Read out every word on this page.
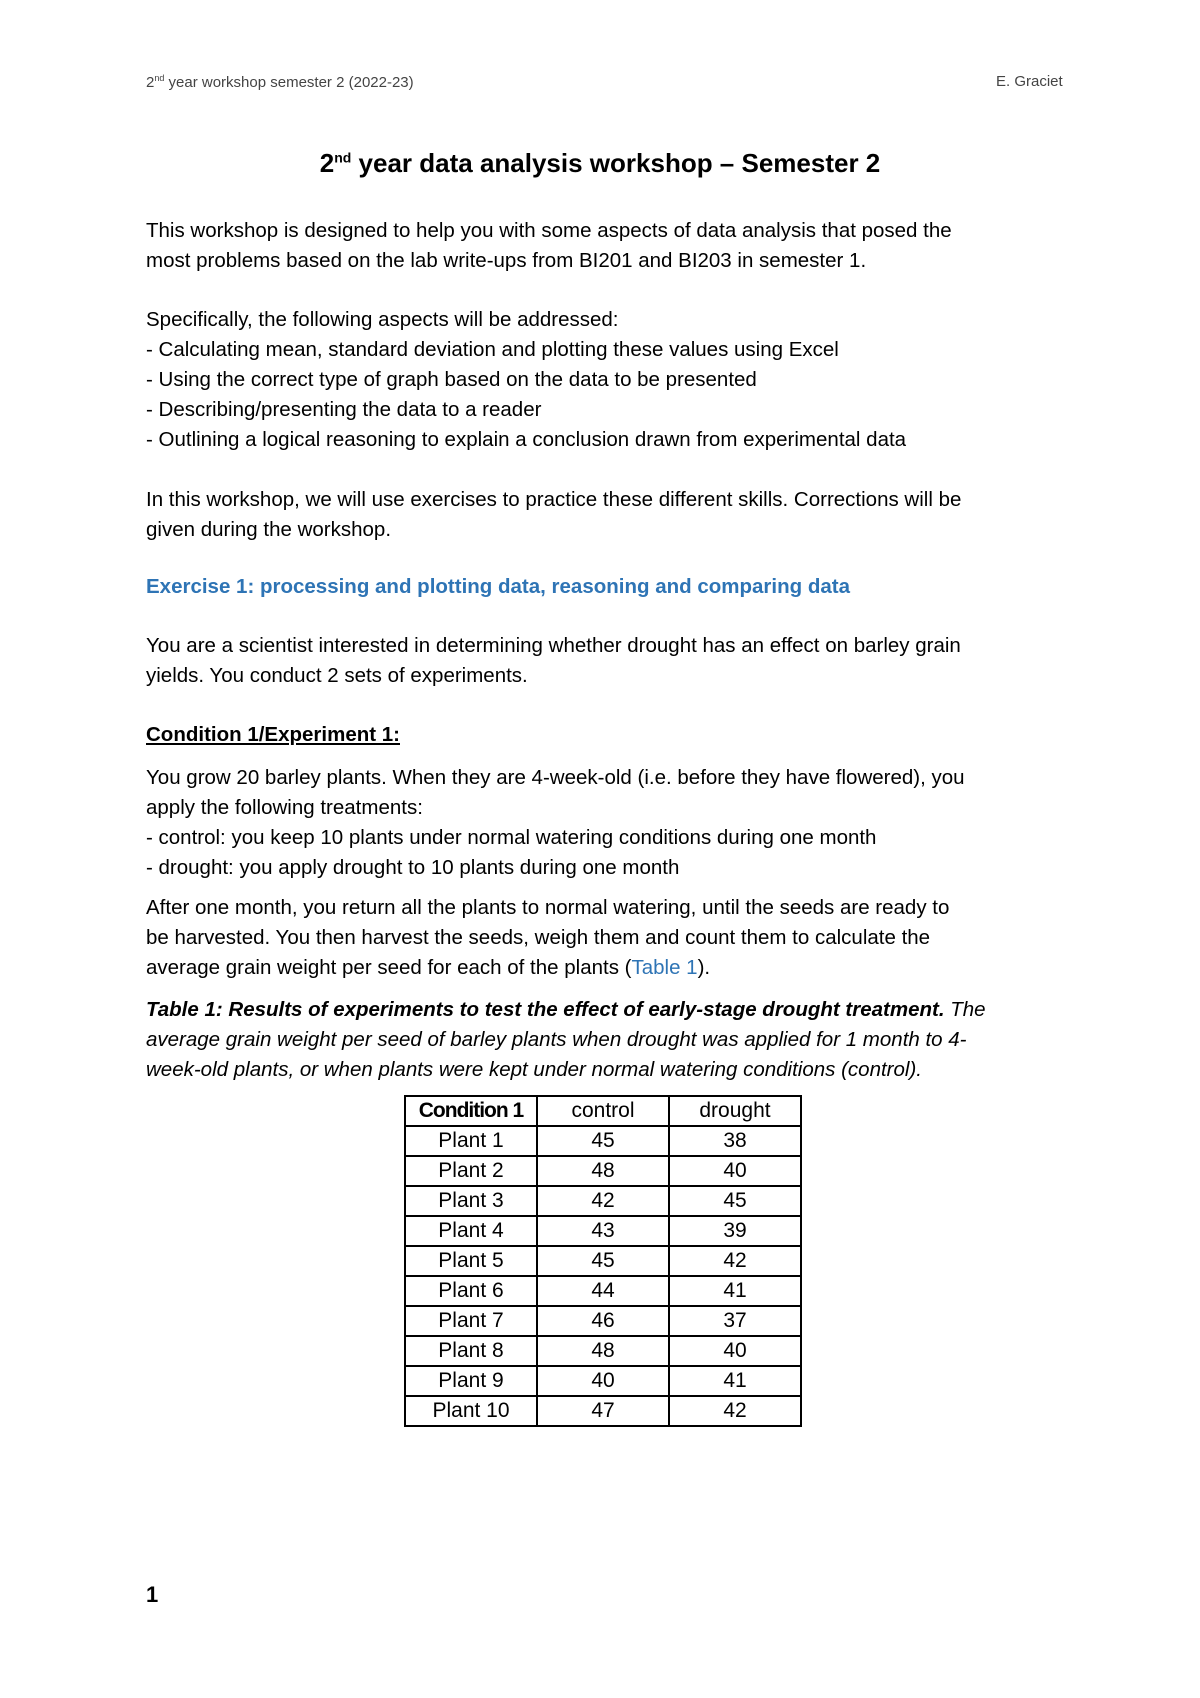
2nd year workshop semester 2 (2022-23)	E. Graciet
2nd year data analysis workshop – Semester 2
This workshop is designed to help you with some aspects of data analysis that posed the
most problems based on the lab write-ups from BI201 and BI203 in semester 1.
Specifically, the following aspects will be addressed:
- Calculating mean, standard deviation and plotting these values using Excel
- Using the correct type of graph based on the data to be presented
- Describing/presenting the data to a reader
- Outlining a logical reasoning to explain a conclusion drawn from experimental data
In this workshop, we will use exercises to practice these different skills. Corrections will be
given during the workshop.
Exercise 1: processing and plotting data, reasoning and comparing data
You are a scientist interested in determining whether drought has an effect on barley grain
yields. You conduct 2 sets of experiments.
Condition 1/Experiment 1:
You grow 20 barley plants. When they are 4-week-old (i.e. before they have flowered), you
apply the following treatments:
- control: you keep 10 plants under normal watering conditions during one month
- drought: you apply drought to 10 plants during one month
After one month, you return all the plants to normal watering, until the seeds are ready to
be harvested. You then harvest the seeds, weigh them and count them to calculate the
average grain weight per seed for each of the plants (Table 1).
Table 1: Results of experiments to test the effect of early-stage drought treatment. The
average grain weight per seed of barley plants when drought was applied for 1 month to 4-
week-old plants, or when plants were kept under normal watering conditions (control).
Condition 1	control	drought
Plant 1	45	38
Plant 2	48	40
Plant 3	42	45
Plant 4	43	39
Plant 5	45	42
Plant 6	44	41
Plant 7	46	37
Plant 8	48	40
Plant 9	40	41
Plant 10	47	42
1
